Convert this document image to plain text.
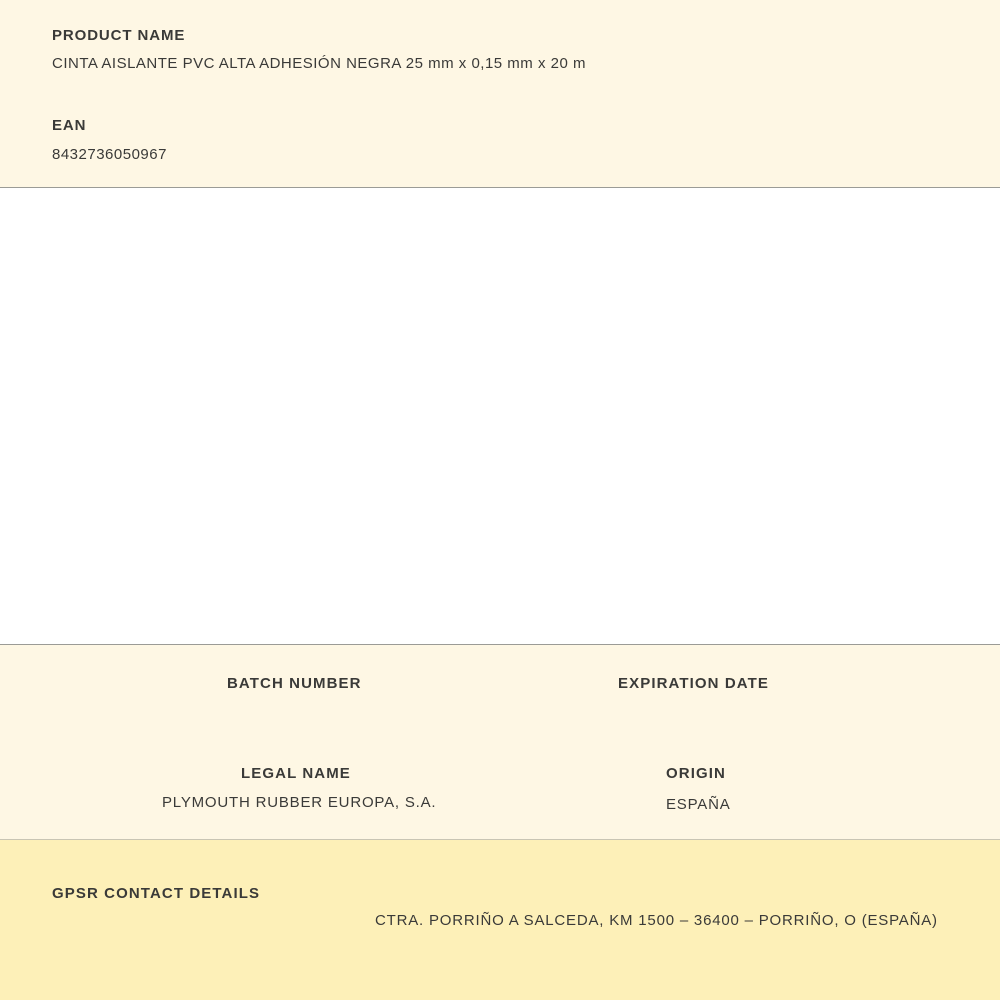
PRODUCT NAME
CINTA AISLANTE PVC ALTA ADHESIÓN NEGRA 25 mm x 0,15 mm x 20 m
EAN
8432736050967
BATCH NUMBER	EXPIRATION DATE
LEGAL NAME
PLYMOUTH RUBBER EUROPA, S.A.
ORIGIN
ESPAÑA
GPSR CONTACT DETAILS
CTRA. PORRIÑO A SALCEDA, KM 1500 – 36400 – PORRIÑO, O (ESPAÑA)
